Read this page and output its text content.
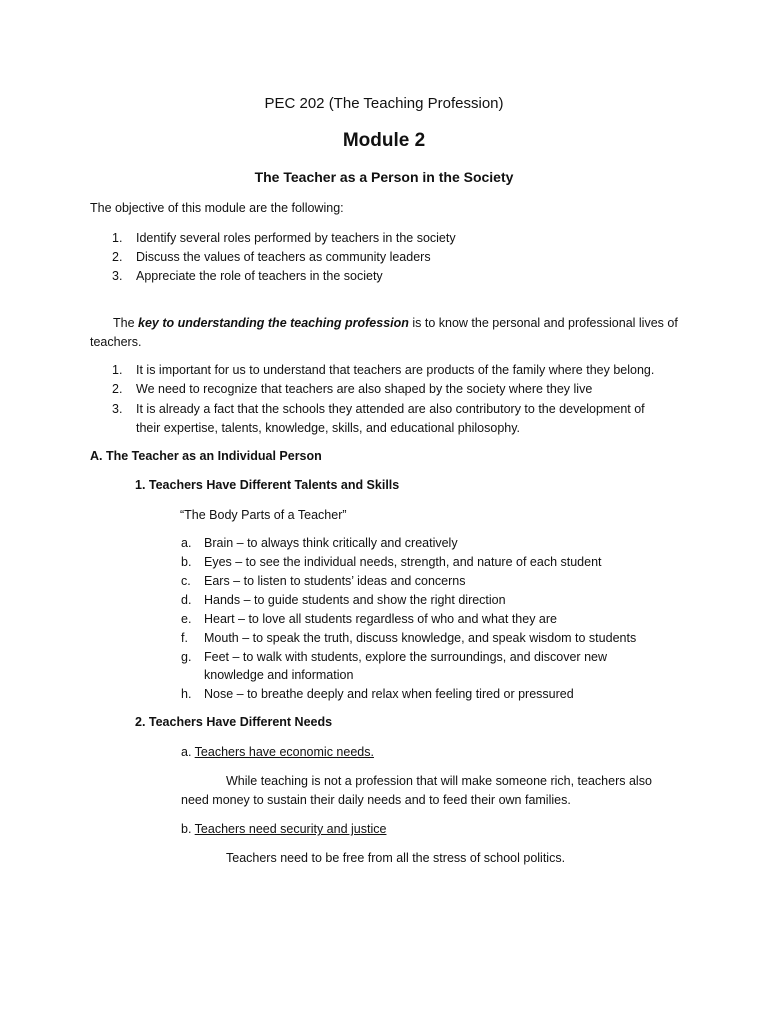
PEC 202 (The Teaching Profession)
Module 2
The Teacher as a Person in the Society
The objective of this module are the following:
1. Identify several roles performed by teachers in the society
2. Discuss the values of teachers as community leaders
3. Appreciate the role of teachers in the society
The key to understanding the teaching profession is to know the personal and professional lives of
teachers.
1. It is important for us to understand that teachers are products of the family where they belong.
2. We need to recognize that teachers are also shaped by the society where they live
3. It is already a fact that the schools they attended are also contributory to the development of
their expertise, talents, knowledge, skills, and educational philosophy.
A. The Teacher as an Individual Person
1. Teachers Have Different Talents and Skills
“The Body Parts of a Teacher”
a. Brain – to always think critically and creatively
b. Eyes – to see the individual needs, strength, and nature of each student
c. Ears – to listen to students’ ideas and concerns
d. Hands – to guide students and show the right direction
e. Heart – to love all students regardless of who and what they are
f. Mouth – to speak the truth, discuss knowledge, and speak wisdom to students
g. Feet – to walk with students, explore the surroundings, and discover new
knowledge and information
h. Nose – to breathe deeply and relax when feeling tired or pressured
2. Teachers Have Different Needs
a. Teachers have economic needs.
While teaching is not a profession that will make someone rich, teachers also
need money to sustain their daily needs and to feed their own families.
b. Teachers need security and justice
Teachers need to be free from all the stress of school politics.
